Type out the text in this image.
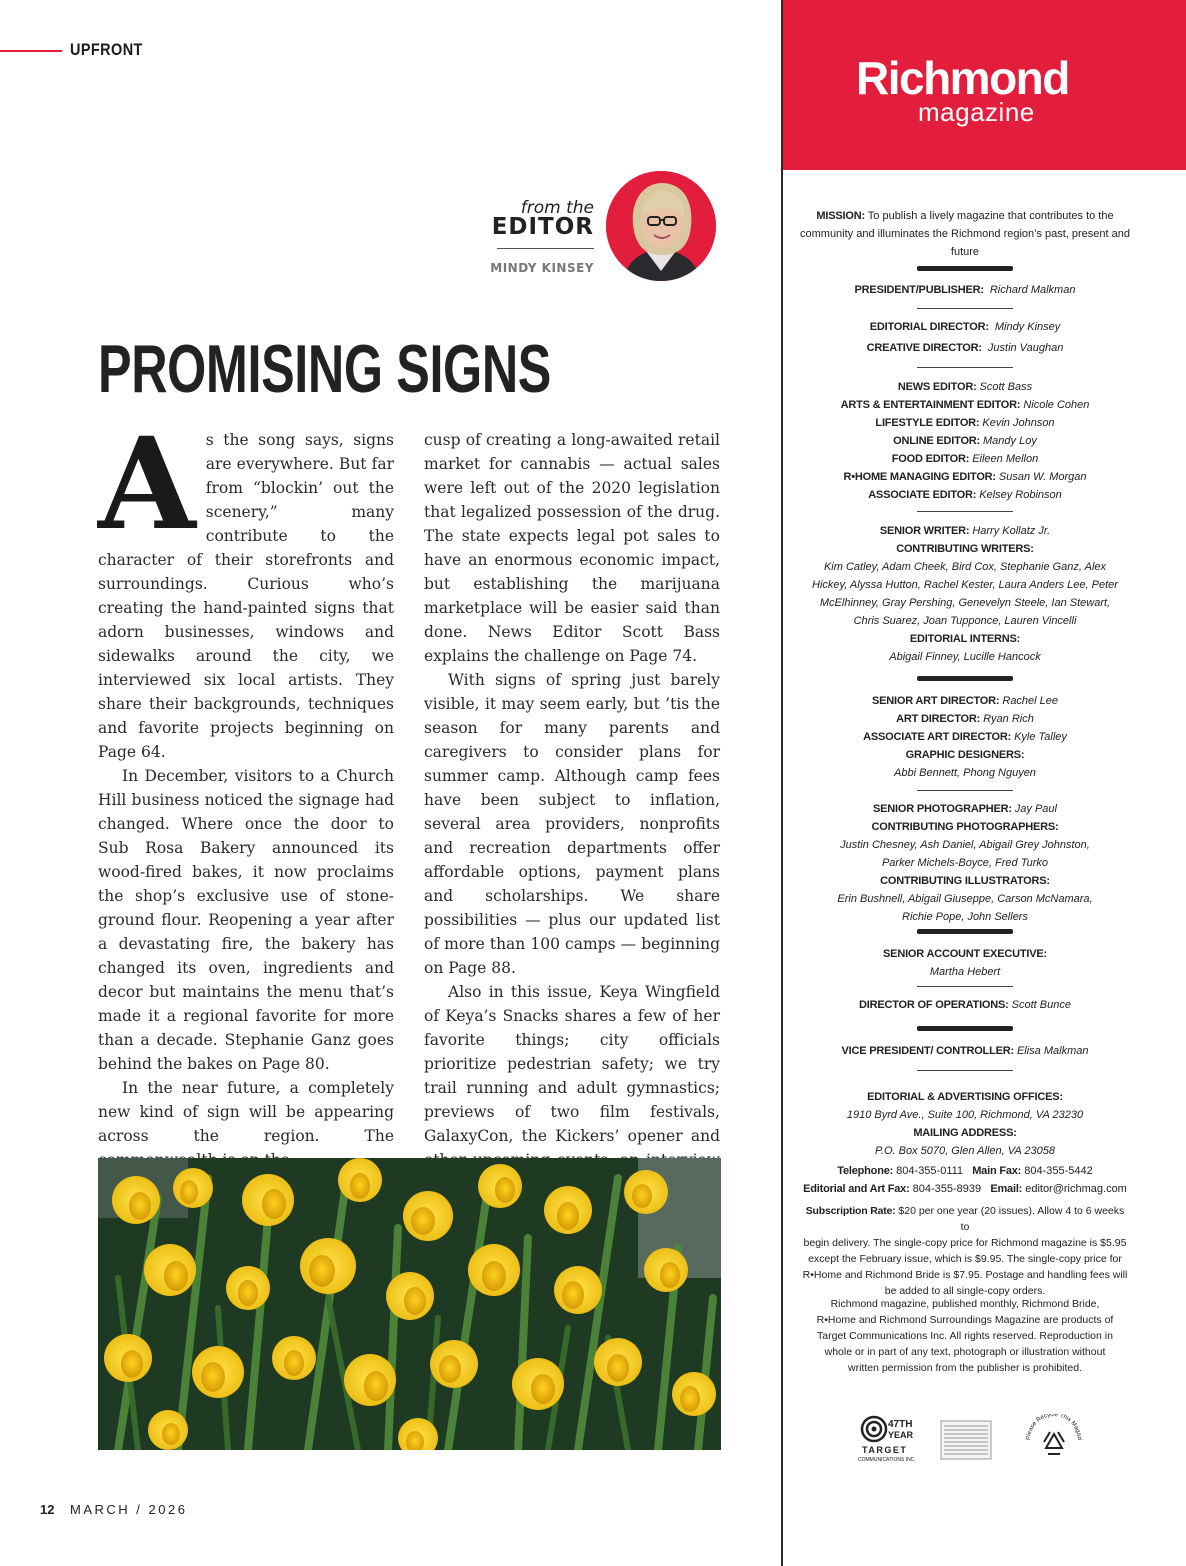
UPFRONT
from the
EDITOR
MINDY KINSEY
PROMISING SIGNS
A s the song says, signs are everywhere. But far from “blockin’ out the scenery,” many contribute to the character of their storefronts and surroundings. Curious who’s creating the hand-painted signs that adorn businesses, windows and sidewalks around the city, we interviewed six local artists. They share their backgrounds, techniques and favorite projects beginning on Page 64.

In December, visitors to a Church Hill business noticed the signage had changed. Where once the door to Sub Rosa Bakery announced its wood-fired bakes, it now proclaims the shop’s exclusive use of stone-ground flour. Reopening a year after a devastating fire, the bakery has changed its oven, ingredients and decor but maintains the menu that’s made it a regional favorite for more than a decade. Stephanie Ganz goes behind the bakes on Page 80.

In the near future, a completely new kind of sign will be appearing across the region. The

cusp of creating a long-awaited retail market for cannabis — actual sales were left out of the 2020 legislation that legalized possession of the drug. The state expects legal pot sales to have an enormous economic impact, but establishing the marijuana marketplace will be easier said than done. News Editor Scott Bass explains the challenge on Page 74.

With signs of spring just barely visible, it may seem early, but ’tis the season for many parents and caregivers to consider plans for summer camp. Although camp fees have been subject to inflation, several area providers, nonprofits and recreation departments offer affordable options, payment plans and scholarships. We share possibilities — plus our updated list of more than 100 camps — beginning on Page 88.

Also in this issue, Keya Wingfield of Keya’s Snacks shares a few of her favorite things; city officials prioritize pedestrian safety; we try trail running and adult gymnastics; previews of two film festivals, GalaxyCon, the Kickers’ opener and

12 MARCH / 2026
Richmond
magazine
MISSION: To publish a lively magazine that contributes to the community and illuminates the Richmond region’s past, present and future
PRESIDENT/PUBLISHER: Richard Malkman
EDITORIAL DIRECTOR: Mindy Kinsey
CREATIVE DIRECTOR: Justin Vaughan
NEWS EDITOR: Scott Bass
ARTS & ENTERTAINMENT EDITOR: Nicole Cohen
LIFESTYLE EDITOR: Kevin Johnson
ONLINE EDITOR: Mandy Loy
FOOD EDITOR: Eileen Mellon
R•HOME MANAGING EDITOR: Susan W. Morgan
ASSOCIATE EDITOR: Kelsey Robinson
SENIOR WRITER: Harry Kollatz Jr.
CONTRIBUTING WRITERS:
Kim Catley, Adam Cheek, Bird Cox, Stephanie Ganz, Alex
Hickey, Alyssa Hutton, Rachel Kester, Laura Anders Lee, Peter
McElhinney, Gray Pershing, Genevelyn Steele, Ian Stewart,
Chris Suarez, Joan Tupponce, Lauren Vincelli
EDITORIAL INTERNS:
Abigail Finney, Lucille Hancock
SENIOR ART DIRECTOR: Rachel Lee
ART DIRECTOR: Ryan Rich
ASSOCIATE ART DIRECTOR: Kyle Talley
GRAPHIC DESIGNERS:
Abbi Bennett, Phong Nguyen
SENIOR PHOTOGRAPHER: Jay Paul
CONTRIBUTING PHOTOGRAPHERS:
Justin Chesney, Ash Daniel, Abigail Grey Johnston,
Parker Michels-Boyce, Fred Turko
CONTRIBUTING ILLUSTRATORS:
Erin Bushnell, Abigail Giuseppe, Carson McNamara,
Richie Pope, John Sellers
SENIOR ACCOUNT EXECUTIVE:
Martha Hebert
DIRECTOR OF OPERATIONS: Scott Bunce
VICE PRESIDENT/ CONTROLLER: Elisa Malkman
EDITORIAL & ADVERTISING OFFICES:
1910 Byrd Ave., Suite 100, Richmond, VA 23230
MAILING ADDRESS:
P.O. Box 5070, Glen Allen, VA 23058
Telephone: 804-355-0111 Main Fax: 804-355-5442
Editorial and Art Fax: 804-355-8939 Email: editor@richmag.com
Subscription Rate: $20 per one year (20 issues). Allow 4 to 6 weeks to
begin delivery. The single-copy price for Richmond magazine is $5.95
except the February issue, which is $9.95. The single-copy price for
R•Home and Richmond Bride is $7.95. Postage and handling fees will
be added to all single-copy orders.
Richmond magazine, published monthly, Richmond Bride,
R•Home and Richmond Surroundings Magazine are products of
Target Communications Inc. All rights reserved. Reproduction in
whole or in part of any text, photograph or illustration without
written permission from the publisher is prohibited.
47TH
YEAR
TARGET
COMMUNICATIONS INC.
Please Recycle This Magazi
